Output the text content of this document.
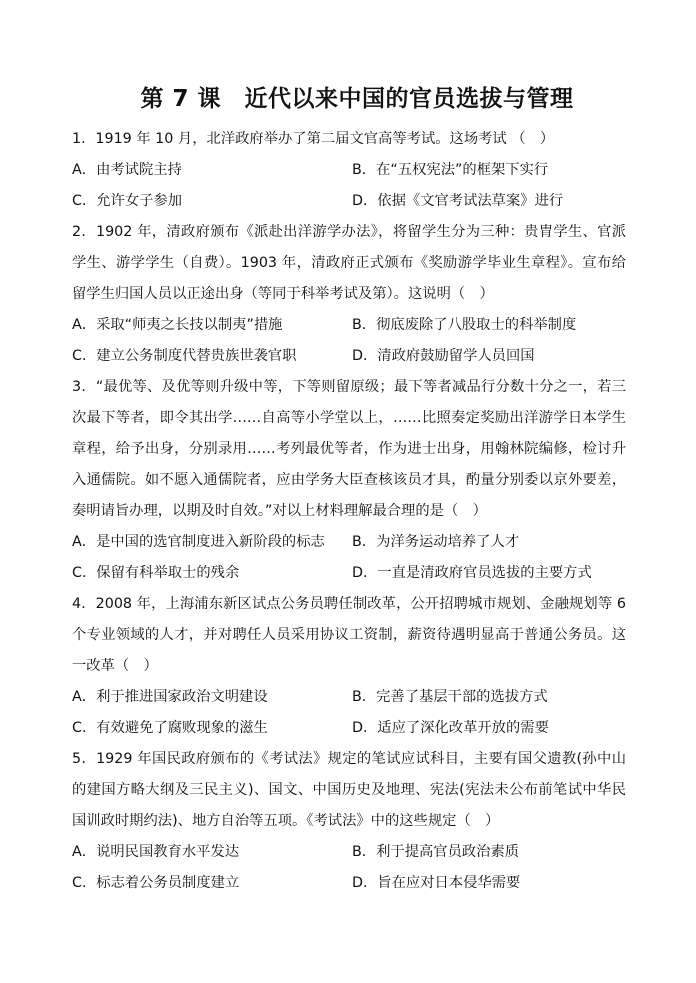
第 7 课　近代以来中国的官员选拔与管理

1．1919 年 10 月，北洋政府举办了第二届文官高等考试。这场考试 （　）

A．由考试院主持	B．在“五权宪法”的框架下实行
C．允许女子参加	D．依据《文官考试法草案》进行

2．1902 年，清政府颁布《派赴出洋游学办法》，将留学生分为三种：贵胄学生、官派学生、游学学生（自费）。1903 年，清政府正式颁布《奖励游学毕业生章程》。宣布给留学生归国人员以正途出身（等同于科举考试及第）。这说明（　）

A．采取“师夷之长技以制夷”措施	B．彻底废除了八股取士的科举制度
C．建立公务制度代替贵族世袭官职	D．清政府鼓励留学人员回国

3．“最优等、及优等则升级中等，下等则留原级；最下等者减品行分数十分之一，若三次最下等者，即令其出学……自高等小学堂以上，……比照奏定奖励出洋游学日本学生章程，给予出身，分别录用……考列最优等者，作为进士出身，用翰林院编修，检讨升入通儒院。如不愿入通儒院者，应由学务大臣查核该员才具，酌量分别委以京外要差，奏明请旨办理，以期及时自效。”对以上材料理解最合理的是（　）

A．是中国的选官制度进入新阶段的标志	B．为洋务运动培养了人才
C．保留有科举取士的残余	D．一直是清政府官员选拔的主要方式

4．2008 年，上海浦东新区试点公务员聘任制改革，公开招聘城市规划、金融规划等 6 个专业领域的人才，并对聘任人员采用协议工资制，薪资待遇明显高于普通公务员。这一改革（　）

A．利于推进国家政治文明建设	B．完善了基层干部的选拔方式
C．有效避免了腐败现象的滋生	D．适应了深化改革开放的需要

5．1929 年国民政府颁布的《考试法》规定的笔试应试科目，主要有国父遗教(孙中山的建国方略大纲及三民主义)、国文、中国历史及地理、宪法(宪法未公布前笔试中华民国训政时期约法)、地方自治等五项。《考试法》中的这些规定（　）

A．说明民国教育水平发达	B．利于提高官员政治素质
C．标志着公务员制度建立	D．旨在应对日本侵华需要
